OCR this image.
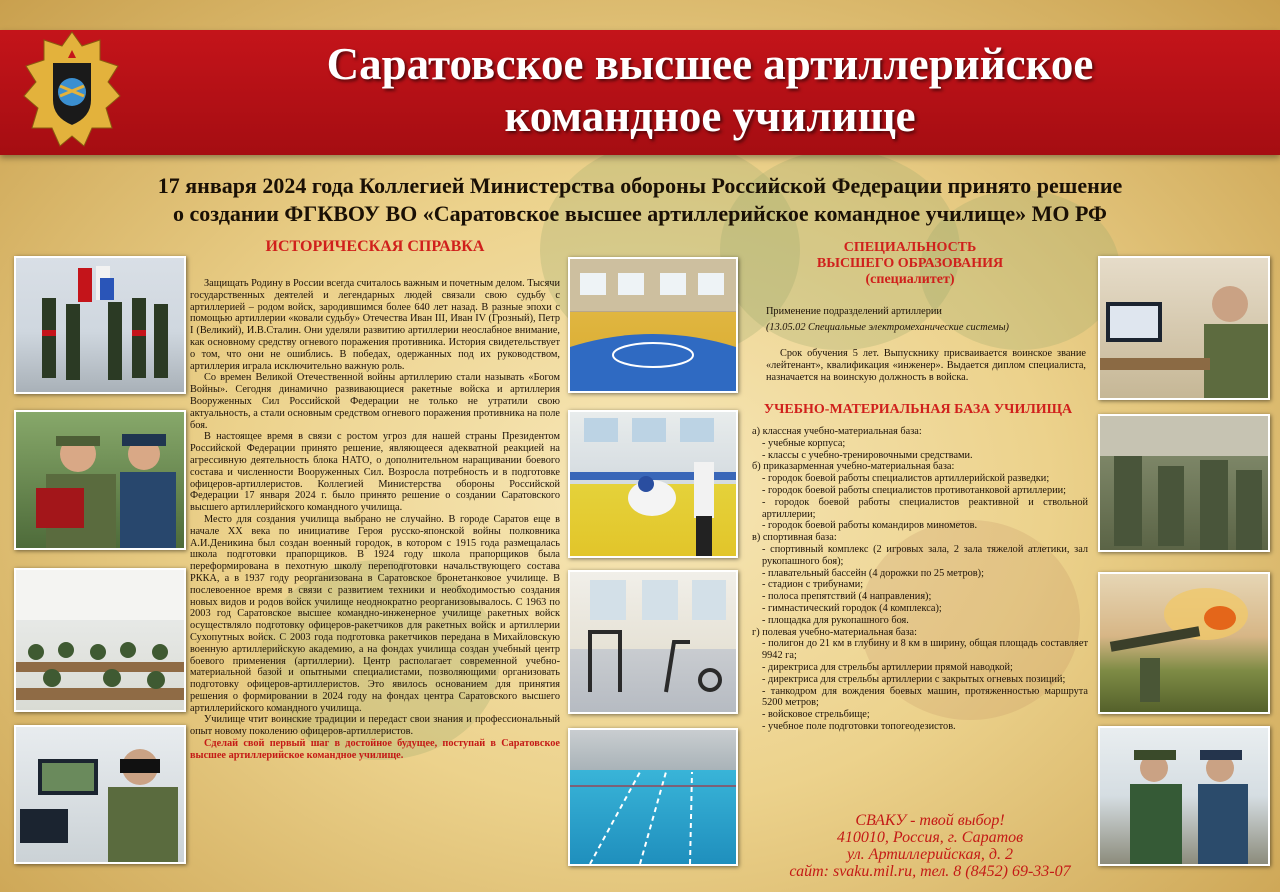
Саратовское высшее артиллерийское
командное училище
17 января 2024 года Коллегией Министерства обороны Российской Федерации принято решение
о создании ФГКВОУ ВО «Саратовское высшее артиллерийское командное училище» МО РФ
ИСТОРИЧЕСКАЯ СПРАВКА

Защищать Родину в России всегда считалось важным и почетным делом. Тысячи государственных деятелей и легендарных людей связали свою судьбу с артиллерией – родом войск, зародившимся более 640 лет назад. В разные эпохи с помощью артиллерии «ковали судьбу» Отечества Иван III, Иван IV (Грозный), Петр I (Великий), И.В.Сталин. Они уделяли развитию артиллерии неослабное внимание, как основному средству огневого поражения противника. История свидетельствует о том, что они не ошиблись. В победах, одержанных под их руководством, артиллерия играла исключительно важную роль.

Со времен Великой Отечественной войны артиллерию стали называть «Богом Войны». Сегодня динамично развивающиеся ракетные войска и артиллерия Вооруженных Сил Российской Федерации не только не утратили свою актуальность, а стали основным средством огневого поражения противника на поле боя.

В настоящее время в связи с ростом угроз для нашей страны Президентом Российской Федерации принято решение, являющееся адекватной реакцией на агрессивную деятельность блока НАТО, о дополнительном наращивании боевого состава и численности Вооруженных Сил. Возросла потребность и в подготовке офицеров-артиллеристов. Коллегией Министерства обороны Российской Федерации 17 января 2024 г. было принято решение о создании Саратовского высшего артиллерийского командного училища.

Место для создания училища выбрано не случайно. В городе Саратов еще в начале XX века по инициативе Героя русско-японской войны полковника А.И.Деникина был создан военный городок, в котором с 1915 года размещалась школа подготовки прапорщиков. В 1924 году школа прапорщиков была переформирована в пехотную школу переподготовки начальствующего состава РККА, а в 1937 году реорганизована в Саратовское бронетанковое училище. В послевоенное время в связи с развитием техники и необходимостью создания новых видов и родов войск училище неоднократно реорганизовывалось. С 1963 по 2003 год Саратовское высшее командно-инженерное училище ракетных войск осуществляло подготовку офицеров-ракетчиков для ракетных войск и артиллерии Сухопутных войск. С 2003 года подготовка ракетчиков передана в Михайловскую военную артиллерийскую академию, а на фондах училища создан учебный центр боевого применения (артиллерии). Центр располагает современной учебно-материальной базой и опытными специалистами, позволяющими организовать подготовку офицеров-артиллеристов. Это явилось основанием для принятия решения о формировании в 2024 году на фондах центра Саратовского высшего артиллерийского командного училища.

Училище чтит воинские традиции и передаст свои знания и профессиональный опыт новому поколению офицеров-артиллеристов.

Сделай свой первый шаг в достойное будущее, поступай в Саратовское высшее артиллерийское командное училище.

СПЕЦИАЛЬНОСТЬ
ВЫСШЕГО ОБРАЗОВАНИЯ
(специалитет)
Применение подразделений артиллерии
(13.05.02 Специальные электромеханические системы)

Срок обучения 5 лет. Выпускнику присваивается воинское звание «лейтенант», квалификация «инженер». Выдается диплом специалиста, назначается на воинскую должность в войска.

УЧЕБНО-МАТЕРИАЛЬНАЯ БАЗА УЧИЛИЩА
а) классная учебно-материальная база:
- учебные корпуса;
- классы с учебно-тренировочными средствами.
б) приказарменная учебно-материальная база:
- городок боевой работы специалистов артиллерийской разведки;
- городок боевой работы специалистов противотанковой артиллерии;
- городок боевой работы специалистов реактивной и ствольной артиллерии;
- городок боевой работы командиров минометов.
в) спортивная база:
- спортивный комплекс (2 игровых зала, 2 зала тяжелой атлетики, зал рукопашного боя);
- плавательный бассейн (4 дорожки по 25 метров);
- стадион с трибунами;
- полоса препятствий (4 направления);
- гимнастический городок (4 комплекса);
- площадка для рукопашного боя.
г) полевая учебно-материальная база:
- полигон до 21 км в глубину и 8 км в ширину, общая площадь составляет 9942 га;
- директриса для стрельбы артиллерии прямой наводкой;
- директриса для стрельбы артиллерии с закрытых огневых позиций;
- танкодром для вождения боевых машин, протяженностью маршрута 5200 метров;
- войсковое стрельбище;
- учебное поле подготовки топогеодезистов.
СВАКУ - твой выбор!
410010, Россия, г. Саратов
ул. Артиллерийская, д. 2
сайт: svaku.mil.ru, тел. 8 (8452) 69-33-07
